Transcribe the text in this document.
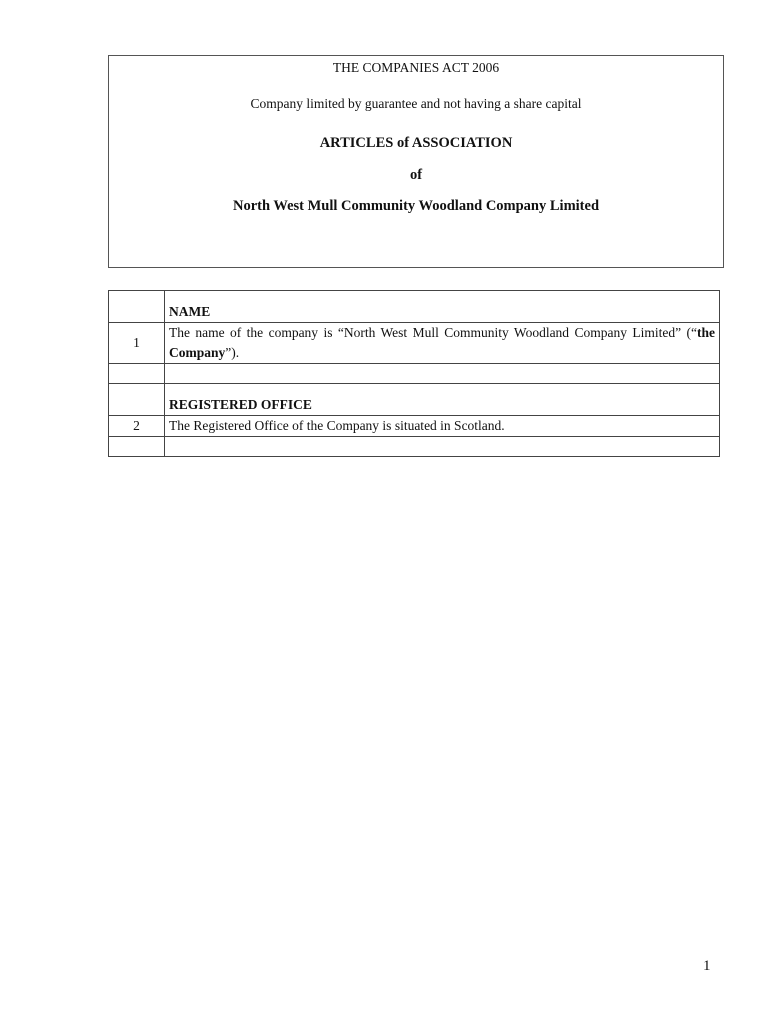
THE COMPANIES ACT 2006
Company limited by guarantee and not having a share capital
ARTICLES of ASSOCIATION
of
North West Mull Community Woodland Company Limited
	NAME
1	The name of the company is “North West Mull Community Woodland Company Limited” (“the Company”).

	REGISTERED OFFICE
2	The Registered Office of the Company is situated in Scotland.

1
